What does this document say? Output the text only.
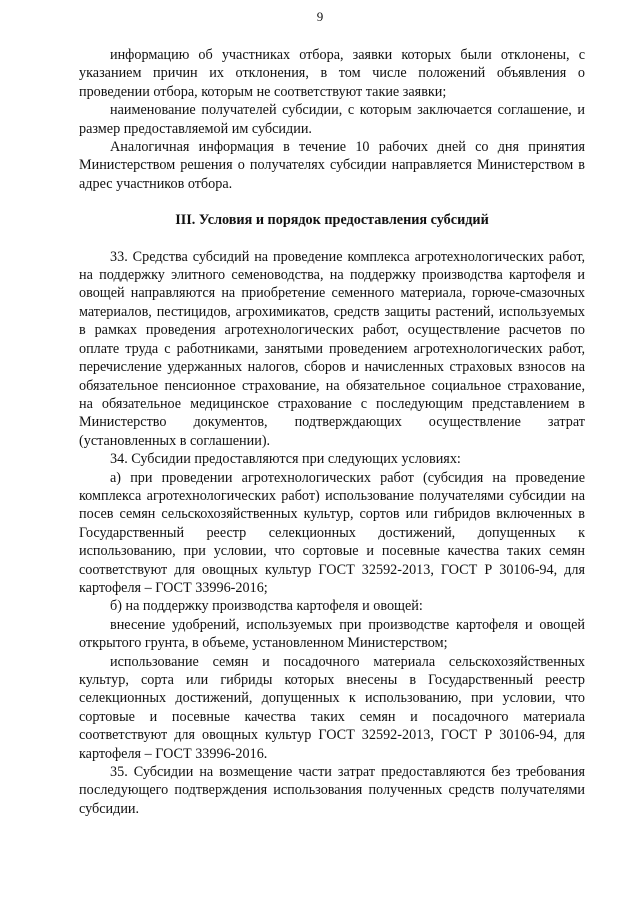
9

информацию об участниках отбора, заявки которых были отклонены, с указанием причин их отклонения, в том числе положений объявления о проведении отбора, которым не соответствуют такие заявки;

наименование получателей субсидии, с которым заключается соглашение, и размер предоставляемой им субсидии.

Аналогичная информация в течение 10 рабочих дней со дня принятия Министерством решения о получателях субсидии направляется Министерством в адрес участников отбора.

III. Условия и порядок предоставления субсидий

33. Средства субсидий на проведение комплекса агротехнологических работ, на поддержку элитного семеноводства, на поддержку производства картофеля и овощей направляются на приобретение семенного материала, горюче-смазочных материалов, пестицидов, агрохимикатов, средств защиты растений, используемых в рамках проведения агротехнологических работ, осуществление расчетов по оплате труда с работниками, занятыми проведением агротехнологических работ, перечисление удержанных налогов, сборов и начисленных страховых взносов на обязательное пенсионное страхование, на обязательное социальное страхование, на обязательное медицинское страхование с последующим представлением в Министерство документов, подтверждающих осуществление затрат (установленных в соглашении).

34. Субсидии предоставляются при следующих условиях:

а) при проведении агротехнологических работ (субсидия на проведение комплекса агротехнологических работ) использование получателями субсидии на посев семян сельскохозяйственных культур, сортов или гибридов включенных в Государственный реестр селекционных достижений, допущенных к использованию, при условии, что сортовые и посевные качества таких семян соответствуют для овощных культур ГОСТ 32592-2013, ГОСТ Р 30106-94, для картофеля – ГОСТ 33996-2016;

б) на поддержку производства картофеля и овощей:

внесение удобрений, используемых при производстве картофеля и овощей открытого грунта, в объеме, установленном Министерством;

использование семян и посадочного материала сельскохозяйственных культур, сорта или гибриды которых внесены в Государственный реестр селекционных достижений, допущенных к использованию, при условии, что сортовые и посевные качества таких семян и посадочного материала соответствуют для овощных культур ГОСТ 32592-2013, ГОСТ Р 30106-94, для картофеля – ГОСТ 33996-2016.

35. Субсидии на возмещение части затрат предоставляются без требования последующего подтверждения использования полученных средств получателями субсидии.
